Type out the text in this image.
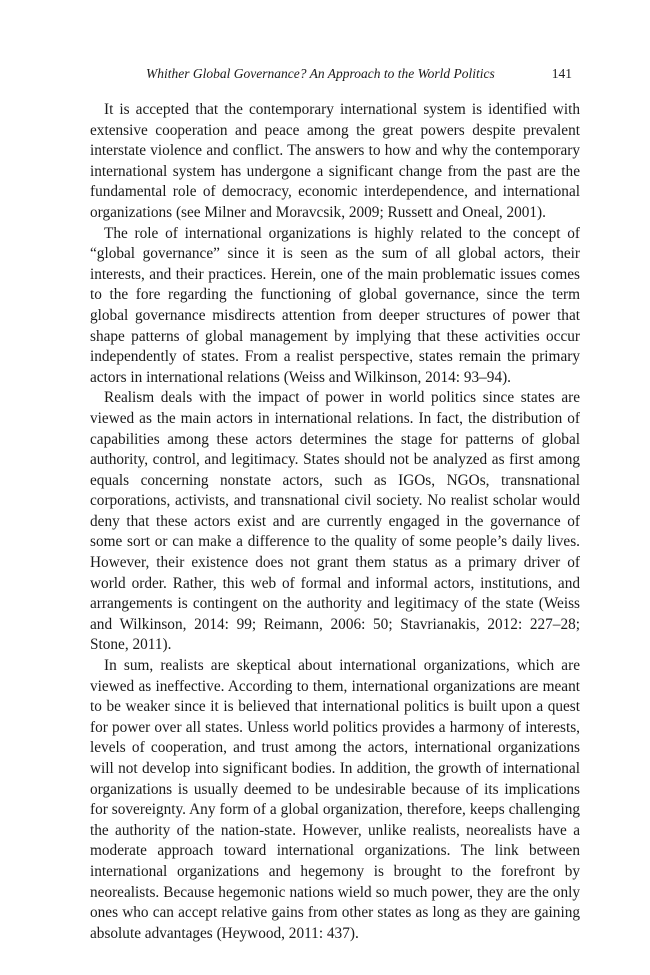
Whither Global Governance? An Approach to the World Politics	141

It is accepted that the contemporary international system is identified with extensive cooperation and peace among the great powers despite prevalent interstate violence and conflict. The answers to how and why the contemporary international system has undergone a significant change from the past are the fundamental role of democracy, economic interdependence, and international organizations (see Milner and Moravcsik, 2009; Russett and Oneal, 2001).

The role of international organizations is highly related to the concept of “global governance” since it is seen as the sum of all global actors, their interests, and their practices. Herein, one of the main problematic issues comes to the fore regarding the functioning of global governance, since the term global governance misdirects attention from deeper structures of power that shape patterns of global management by implying that these activities occur independently of states. From a realist perspective, states remain the primary actors in international relations (Weiss and Wilkinson, 2014: 93–94).

Realism deals with the impact of power in world politics since states are viewed as the main actors in international relations. In fact, the distribution of capabilities among these actors determines the stage for patterns of global authority, control, and legitimacy. States should not be analyzed as first among equals concerning nonstate actors, such as IGOs, NGOs, transnational corporations, activists, and transnational civil society. No realist scholar would deny that these actors exist and are currently engaged in the governance of some sort or can make a difference to the quality of some people’s daily lives. However, their existence does not grant them status as a primary driver of world order. Rather, this web of formal and informal actors, institutions, and arrangements is contingent on the authority and legitimacy of the state (Weiss and Wilkinson, 2014: 99; Reimann, 2006: 50; Stavrianakis, 2012: 227–28; Stone, 2011).

In sum, realists are skeptical about international organizations, which are viewed as ineffective. According to them, international organizations are meant to be weaker since it is believed that international politics is built upon a quest for power over all states. Unless world politics provides a harmony of interests, levels of cooperation, and trust among the actors, international organizations will not develop into significant bodies. In addition, the growth of international organizations is usually deemed to be undesirable because of its implications for sovereignty. Any form of a global organization, therefore, keeps challenging the authority of the nation-state. However, unlike realists, neorealists have a moderate approach toward international organizations. The link between international organizations and hegemony is brought to the forefront by neorealists. Because hegemonic nations wield so much power, they are the only ones who can accept relative gains from other states as long as they are gaining absolute advantages (Heywood, 2011: 437).
